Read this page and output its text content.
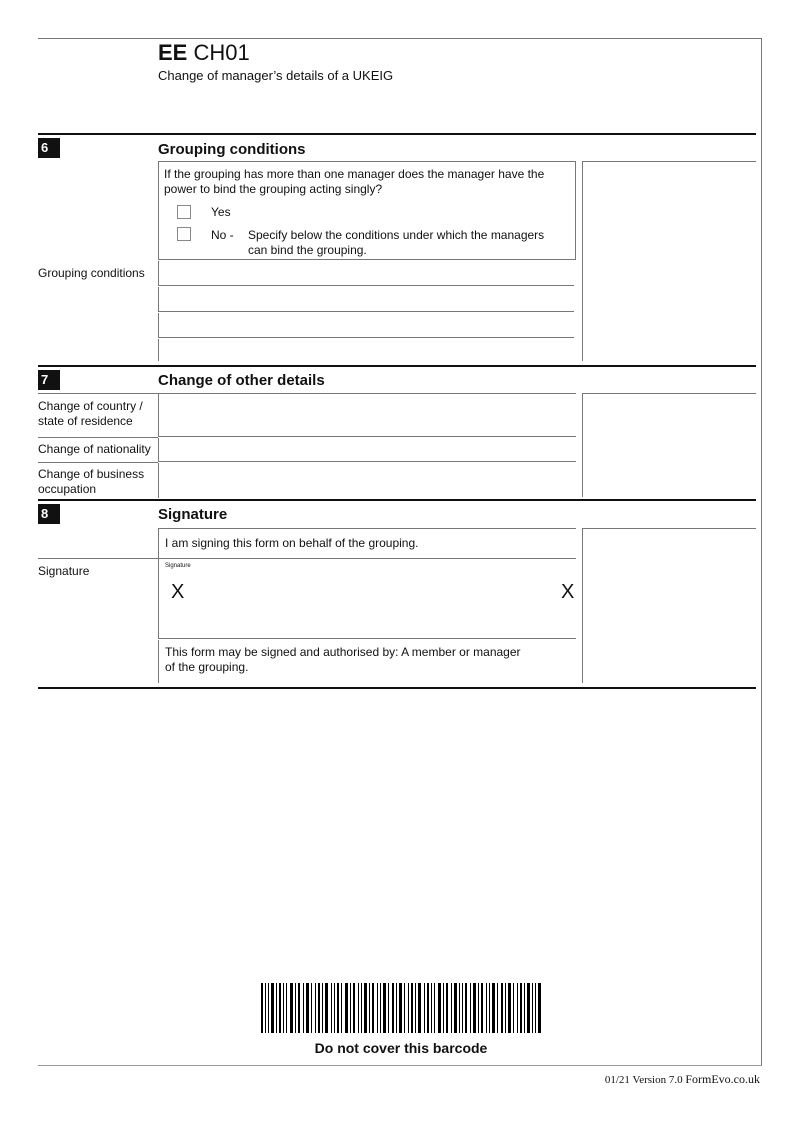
EE CH01
Change of manager’s details of a UKEIG
6	Grouping conditions
If the grouping has more than one manager does the manager have the power to bind the grouping acting singly?
Yes
No - Specify below the conditions under which the managers can bind the grouping.
Grouping conditions
7	Change of other details
Change of country / state of residence
Change of nationality
Change of business occupation
8	Signature
I am signing this form on behalf of the grouping.
Signature	Signature
X	X
This form may be signed and authorised by: A member or manager of the grouping.
Do not cover this barcode
01/21 Version 7.0 FormEvo.co.uk
